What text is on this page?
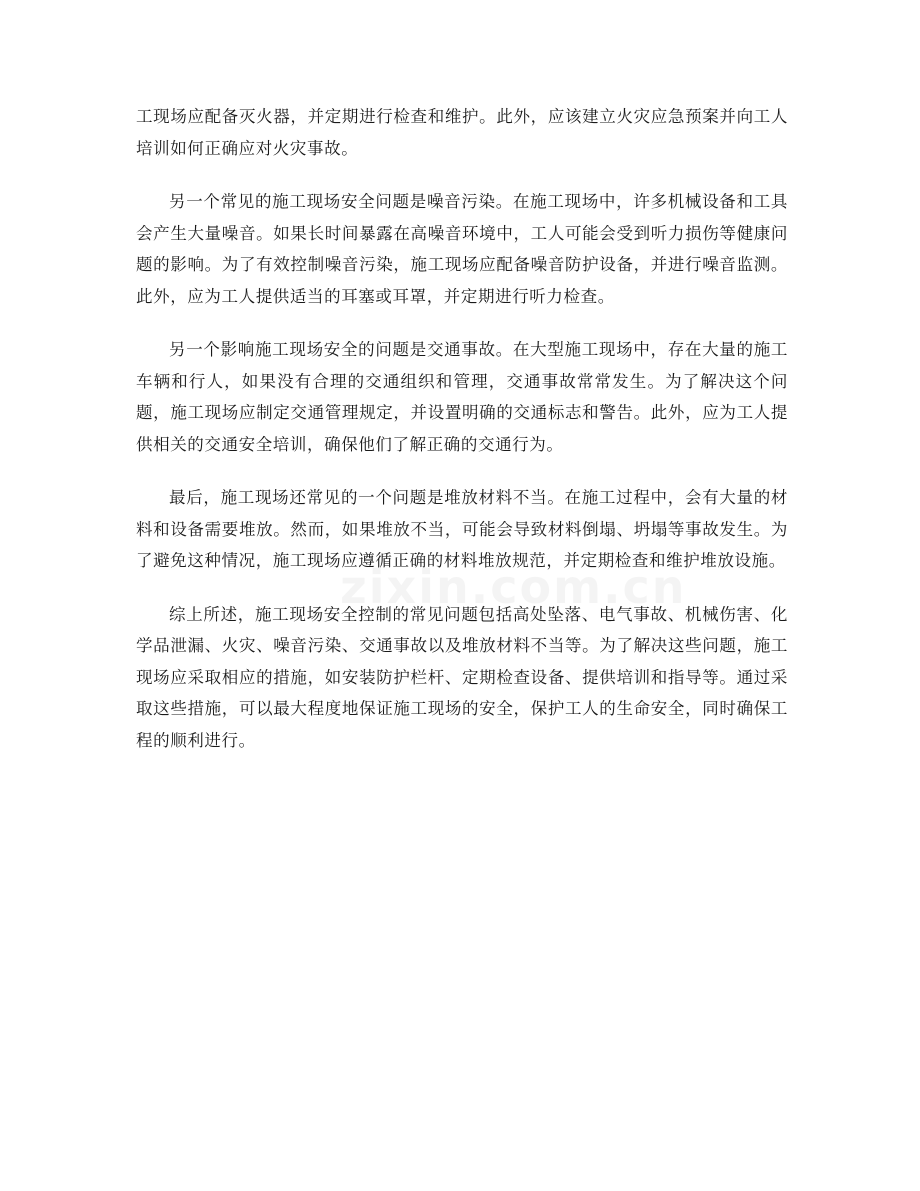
工现场应配备灭火器，并定期进行检查和维护。此外，应该建立火灾应急预案并向工人培训如何正确应对火灾事故。

另一个常见的施工现场安全问题是噪音污染。在施工现场中，许多机械设备和工具会产生大量噪音。如果长时间暴露在高噪音环境中，工人可能会受到听力损伤等健康问题的影响。为了有效控制噪音污染，施工现场应配备噪音防护设备，并进行噪音监测。此外，应为工人提供适当的耳塞或耳罩，并定期进行听力检查。

另一个影响施工现场安全的问题是交通事故。在大型施工现场中，存在大量的施工车辆和行人，如果没有合理的交通组织和管理，交通事故常常发生。为了解决这个问题，施工现场应制定交通管理规定，并设置明确的交通标志和警告。此外，应为工人提供相关的交通安全培训，确保他们了解正确的交通行为。

最后，施工现场还常见的一个问题是堆放材料不当。在施工过程中，会有大量的材料和设备需要堆放。然而，如果堆放不当，可能会导致材料倒塌、坍塌等事故发生。为了避免这种情况，施工现场应遵循正确的材料堆放规范，并定期检查和维护堆放设施。

综上所述，施工现场安全控制的常见问题包括高处坠落、电气事故、机械伤害、化学品泄漏、火灾、噪音污染、交通事故以及堆放材料不当等。为了解决这些问题，施工现场应采取相应的措施，如安装防护栏杆、定期检查设备、提供培训和指导等。通过采取这些措施，可以最大程度地保证施工现场的安全，保护工人的生命安全，同时确保工程的顺利进行。
